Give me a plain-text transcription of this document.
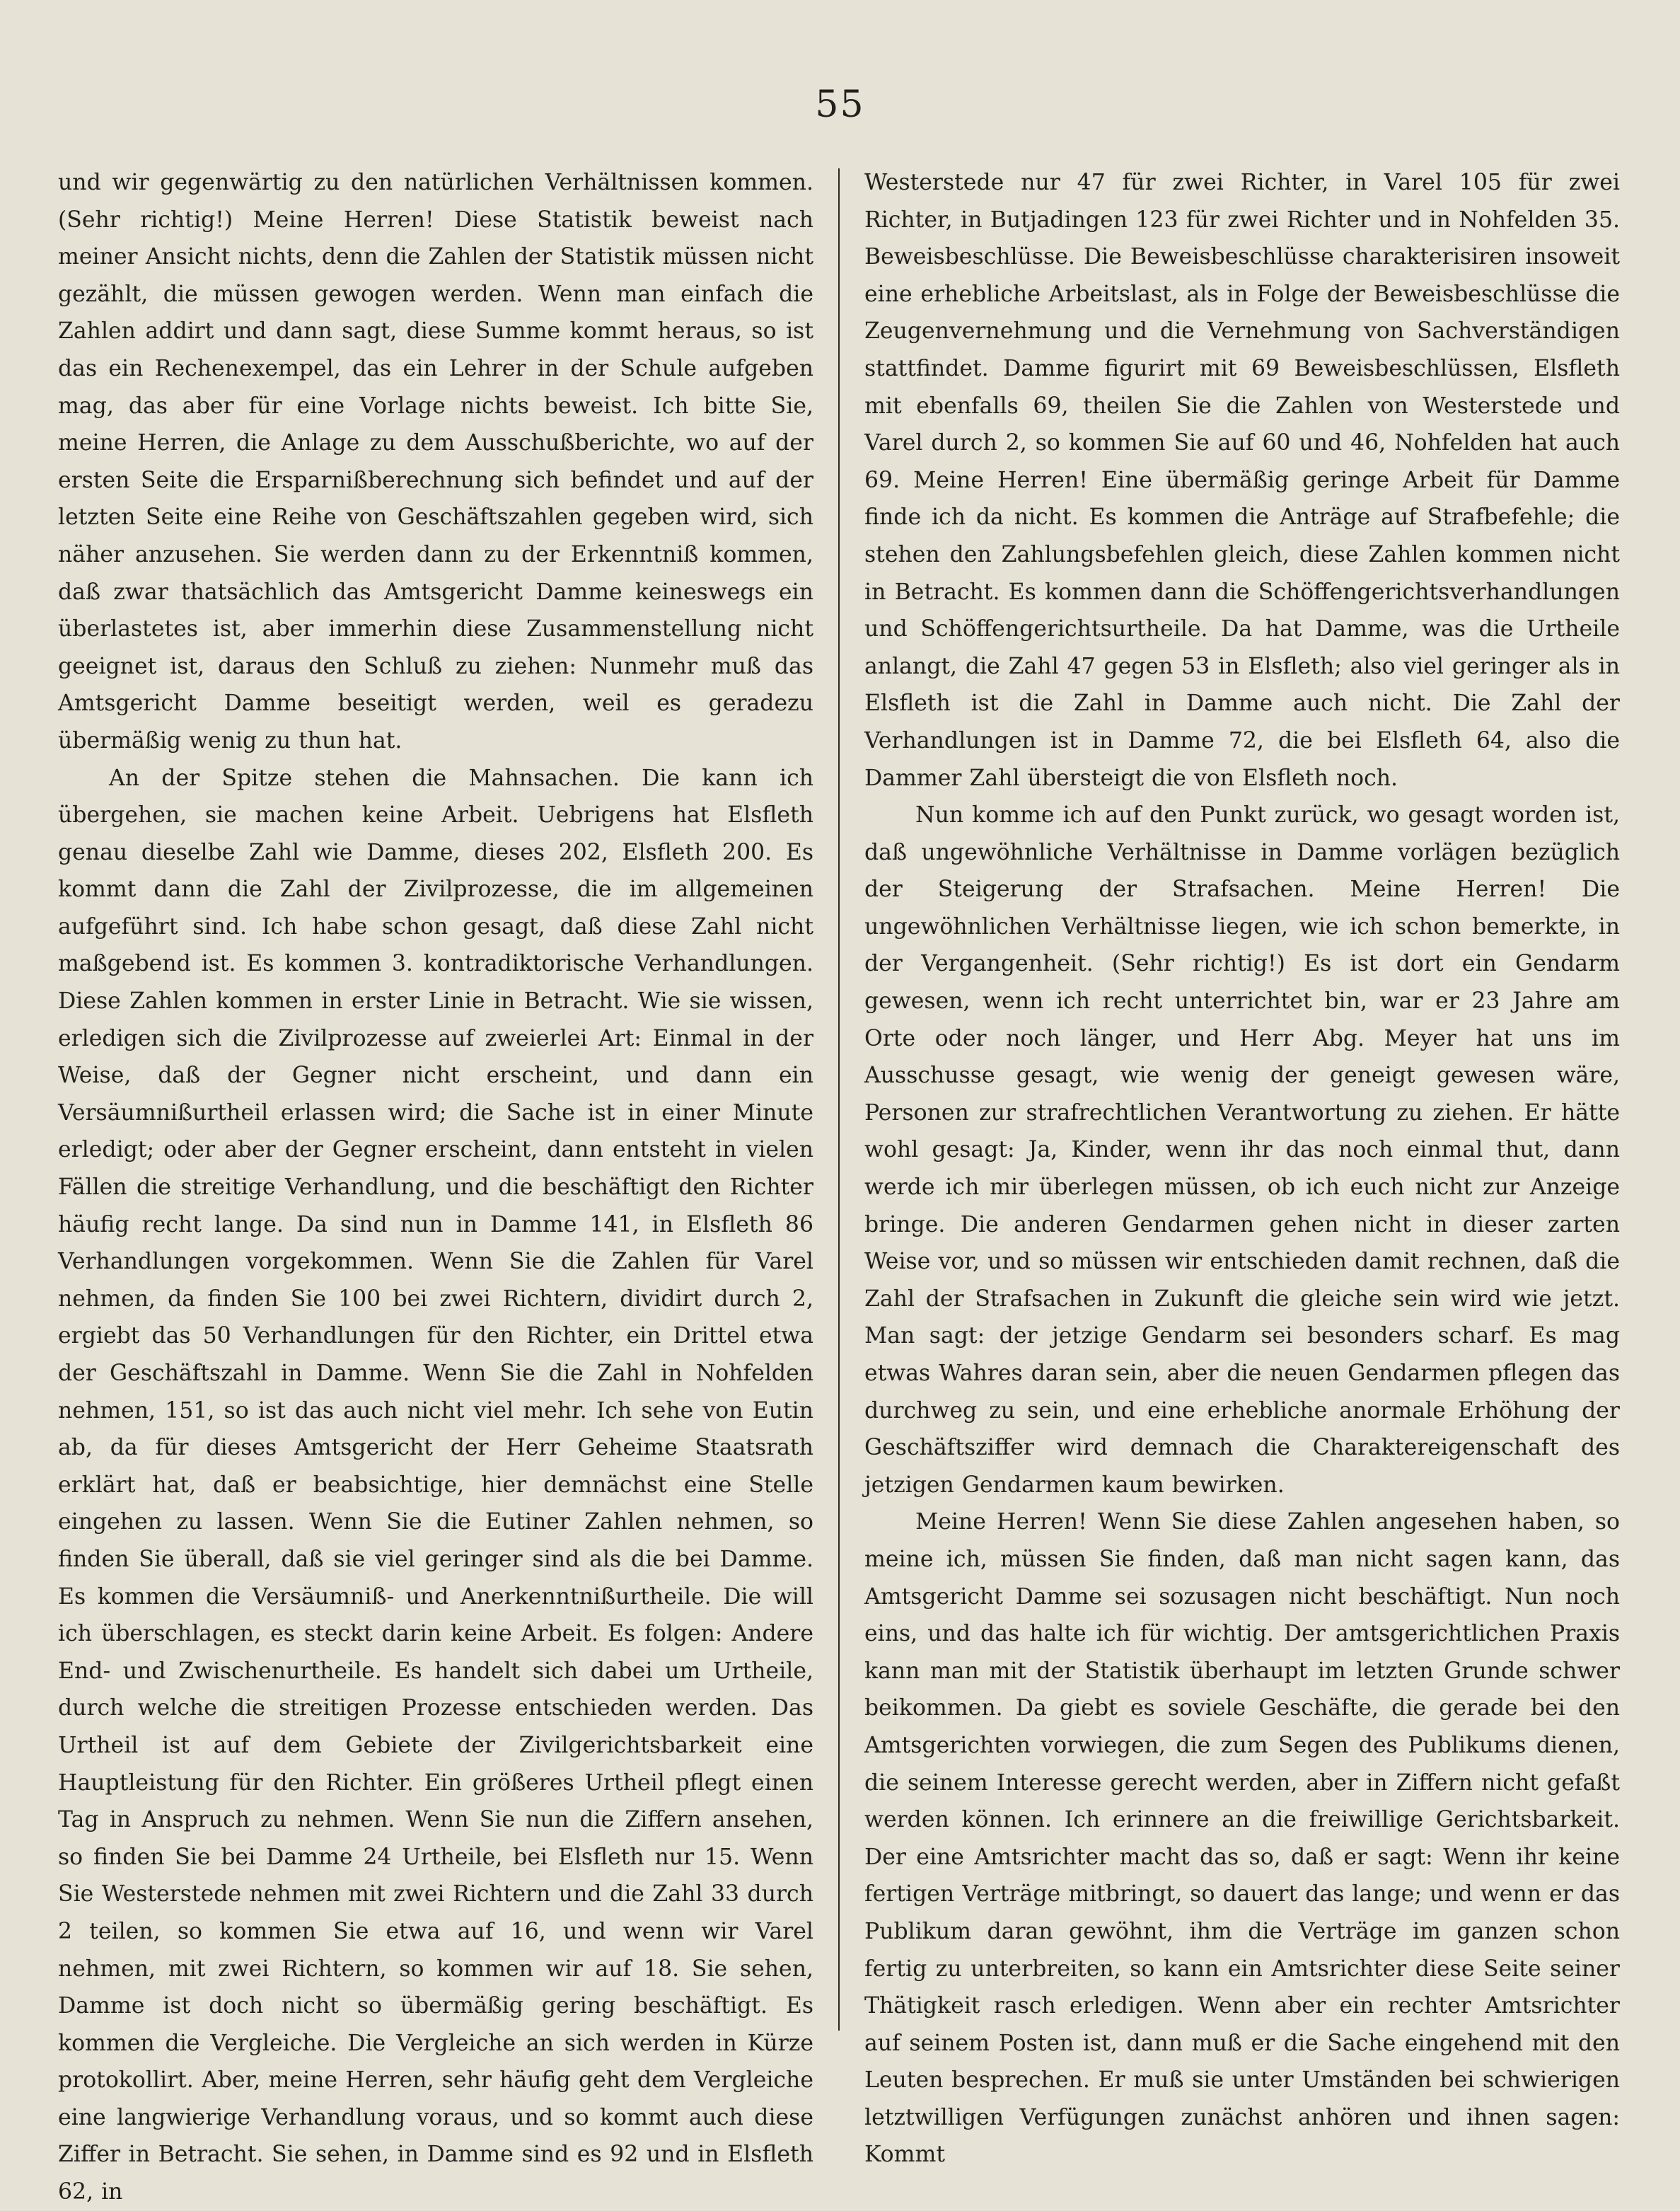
55

und wir gegenwärtig zu den natürlichen Verhältnissen kommen. (Sehr richtig!) Meine Herren! Diese Statistik beweist nach meiner Ansicht nichts, denn die Zahlen der Statistik müssen nicht gezählt, die müssen gewogen werden. Wenn man einfach die Zahlen addirt und dann sagt, diese Summe kommt heraus, so ist das ein Rechenexempel, das ein Lehrer in der Schule aufgeben mag, das aber für eine Vorlage nichts beweist. Ich bitte Sie, meine Herren, die Anlage zu dem Ausschußberichte, wo auf der ersten Seite die Ersparnißberechnung sich befindet und auf der letzten Seite eine Reihe von Geschäftszahlen gegeben wird, sich näher anzusehen. Sie werden dann zu der Erkenntniß kommen, daß zwar thatsächlich das Amtsgericht Damme keineswegs ein überlastetes ist, aber immerhin diese Zusammenstellung nicht geeignet ist, daraus den Schluß zu ziehen: Nunmehr muß das Amtsgericht Damme beseitigt werden, weil es geradezu übermäßig wenig zu thun hat.

An der Spitze stehen die Mahnsachen. Die kann ich übergehen, sie machen keine Arbeit. Uebrigens hat Elsfleth genau dieselbe Zahl wie Damme, dieses 202, Elsfleth 200. Es kommt dann die Zahl der Zivilprozesse, die im allgemeinen aufgeführt sind. Ich habe schon gesagt, daß diese Zahl nicht maßgebend ist. Es kommen 3. kontradiktorische Verhandlungen. Diese Zahlen kommen in erster Linie in Betracht. Wie sie wissen, erledigen sich die Zivilprozesse auf zweierlei Art: Einmal in der Weise, daß der Gegner nicht erscheint, und dann ein Versäumnißurtheil erlassen wird; die Sache ist in einer Minute erledigt; oder aber der Gegner erscheint, dann entsteht in vielen Fällen die streitige Verhandlung, und die beschäftigt den Richter häufig recht lange. Da sind nun in Damme 141, in Elsfleth 86 Verhandlungen vorgekommen. Wenn Sie die Zahlen für Varel nehmen, da finden Sie 100 bei zwei Richtern, dividirt durch 2, ergiebt das 50 Verhandlungen für den Richter, ein Drittel etwa der Geschäftszahl in Damme. Wenn Sie die Zahl in Nohfelden nehmen, 151, so ist das auch nicht viel mehr. Ich sehe von Eutin ab, da für dieses Amtsgericht der Herr Geheime Staatsrath erklärt hat, daß er beabsichtige, hier demnächst eine Stelle eingehen zu lassen. Wenn Sie die Eutiner Zahlen nehmen, so finden Sie überall, daß sie viel geringer sind als die bei Damme. Es kommen die Versäumniß- und Anerkenntnißurtheile. Die will ich überschlagen, es steckt darin keine Arbeit. Es folgen: Andere End- und Zwischenurtheile. Es handelt sich dabei um Urtheile, durch welche die streitigen Prozesse entschieden werden. Das Urtheil ist auf dem Gebiete der Zivilgerichtsbarkeit eine Hauptleistung für den Richter. Ein größeres Urtheil pflegt einen Tag in Anspruch zu nehmen. Wenn Sie nun die Ziffern ansehen, so finden Sie bei Damme 24 Urtheile, bei Elsfleth nur 15. Wenn Sie Westerstede nehmen mit zwei Richtern und die Zahl 33 durch 2 teilen, so kommen Sie etwa auf 16, und wenn wir Varel nehmen, mit zwei Richtern, so kommen wir auf 18. Sie sehen, Damme ist doch nicht so übermäßig gering beschäftigt. Es kommen die Vergleiche. Die Vergleiche an sich werden in Kürze protokollirt. Aber, meine Herren, sehr häufig geht dem Vergleiche eine langwierige Verhandlung voraus, und so kommt auch diese Ziffer in Betracht. Sie sehen, in Damme sind es 92 und in Elsfleth 62, in

Westerstede nur 47 für zwei Richter, in Varel 105 für zwei Richter, in Butjadingen 123 für zwei Richter und in Nohfelden 35. Beweisbeschlüsse. Die Beweisbeschlüsse charakterisiren insoweit eine erhebliche Arbeitslast, als in Folge der Beweisbeschlüsse die Zeugenvernehmung und die Vernehmung von Sachverständigen stattfindet. Damme figurirt mit 69 Beweisbeschlüssen, Elsfleth mit ebenfalls 69, theilen Sie die Zahlen von Westerstede und Varel durch 2, so kommen Sie auf 60 und 46, Nohfelden hat auch 69. Meine Herren! Eine übermäßig geringe Arbeit für Damme finde ich da nicht. Es kommen die Anträge auf Strafbefehle; die stehen den Zahlungsbefehlen gleich, diese Zahlen kommen nicht in Betracht. Es kommen dann die Schöffengerichtsverhandlungen und Schöffengerichtsurtheile. Da hat Damme, was die Urtheile anlangt, die Zahl 47 gegen 53 in Elsfleth; also viel geringer als in Elsfleth ist die Zahl in Damme auch nicht. Die Zahl der Verhandlungen ist in Damme 72, die bei Elsfleth 64, also die Dammer Zahl übersteigt die von Elsfleth noch.

Nun komme ich auf den Punkt zurück, wo gesagt worden ist, daß ungewöhnliche Verhältnisse in Damme vorlägen bezüglich der Steigerung der Strafsachen. Meine Herren! Die ungewöhnlichen Verhältnisse liegen, wie ich schon bemerkte, in der Vergangenheit. (Sehr richtig!) Es ist dort ein Gendarm gewesen, wenn ich recht unterrichtet bin, war er 23 Jahre am Orte oder noch länger, und Herr Abg. Meyer hat uns im Ausschusse gesagt, wie wenig der geneigt gewesen wäre, Personen zur strafrechtlichen Verantwortung zu ziehen. Er hätte wohl gesagt: Ja, Kinder, wenn ihr das noch einmal thut, dann werde ich mir überlegen müssen, ob ich euch nicht zur Anzeige bringe. Die anderen Gendarmen gehen nicht in dieser zarten Weise vor, und so müssen wir entschieden damit rechnen, daß die Zahl der Strafsachen in Zukunft die gleiche sein wird wie jetzt. Man sagt: der jetzige Gendarm sei besonders scharf. Es mag etwas Wahres daran sein, aber die neuen Gendarmen pflegen das durchweg zu sein, und eine erhebliche anormale Erhöhung der Geschäftsziffer wird demnach die Charaktereigenschaft des jetzigen Gendarmen kaum bewirken.

Meine Herren! Wenn Sie diese Zahlen angesehen haben, so meine ich, müssen Sie finden, daß man nicht sagen kann, das Amtsgericht Damme sei sozusagen nicht beschäftigt. Nun noch eins, und das halte ich für wichtig. Der amtsgerichtlichen Praxis kann man mit der Statistik überhaupt im letzten Grunde schwer beikommen. Da giebt es soviele Geschäfte, die gerade bei den Amtsgerichten vorwiegen, die zum Segen des Publikums dienen, die seinem Interesse gerecht werden, aber in Ziffern nicht gefaßt werden können. Ich erinnere an die freiwillige Gerichtsbarkeit. Der eine Amtsrichter macht das so, daß er sagt: Wenn ihr keine fertigen Verträge mitbringt, so dauert das lange; und wenn er das Publikum daran gewöhnt, ihm die Verträge im ganzen schon fertig zu unterbreiten, so kann ein Amtsrichter diese Seite seiner Thätigkeit rasch erledigen. Wenn aber ein rechter Amtsrichter auf seinem Posten ist, dann muß er die Sache eingehend mit den Leuten besprechen. Er muß sie unter Umständen bei schwierigen letztwilligen Verfügungen zunächst anhören und ihnen sagen: Kommt
